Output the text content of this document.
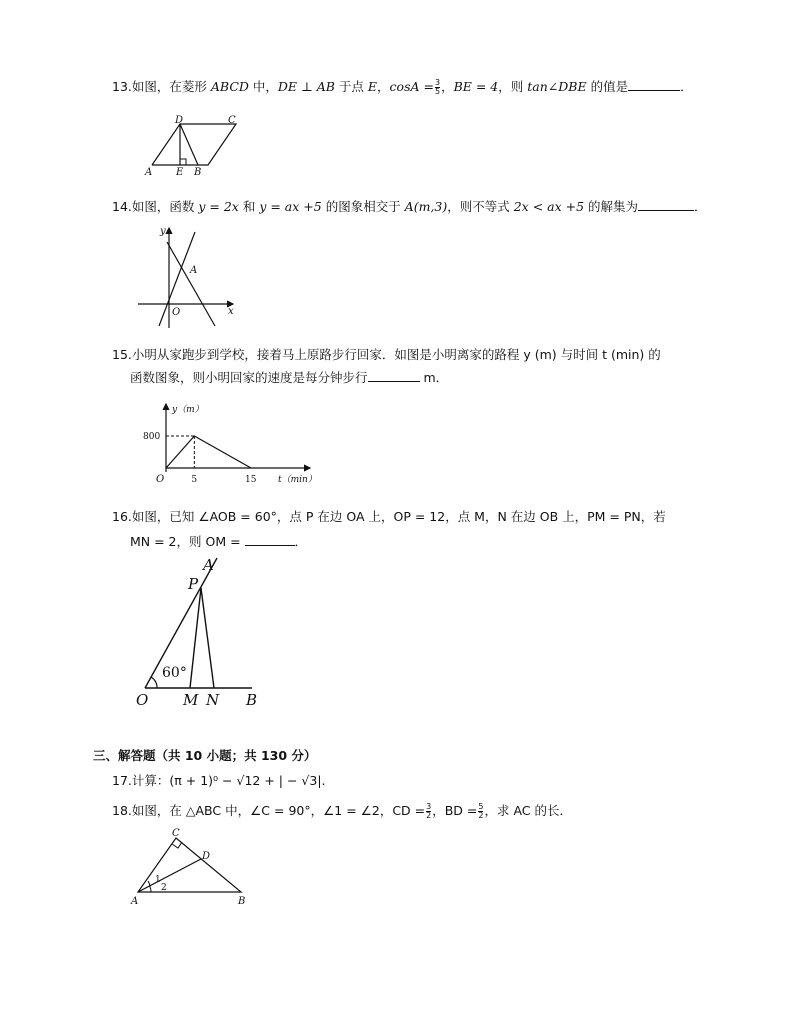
13.如图，在菱形 ABCD 中，DE ⊥ AB 于点 E，$\cos A = \frac{3}{5}$ ，BE = 4，则 tan∠DBE 的值是	．
D	C
A E B
14.如图，函数 y = 2x 和 y = ax +5 的图象相交于 A(m,3)，则不等式 2x < ax +5 的解集为	．
y
x
O
A
15.小明从家跑步到学校，接着马上原路步行回家．如图是小明离家的路程 y (m) 与时间 t (min) 的
函数图象，则小明回家的速度是每分钟步行	m．
y（m）
t（min）
800
O	5	15
16.如图，已知 ∠AOB = 60°，点 P 在边 OA 上，OP = 12，点 M，N 在边 OB 上，PM = PN，若
MN = 2，则 OM =	．
A
P
O M N B
60°
三、解答题（共 10 小题；共 130 分）
17.计算：(π + 1)⁰ − √12 + | − √3|.
18.如图，在 △ABC 中，∠C = 90°，∠1 = ∠2，CD = $\frac{3}{2}$ ，BD = $\frac{5}{2}$ ，求 AC 的长．
C
D
A	B
1
2
